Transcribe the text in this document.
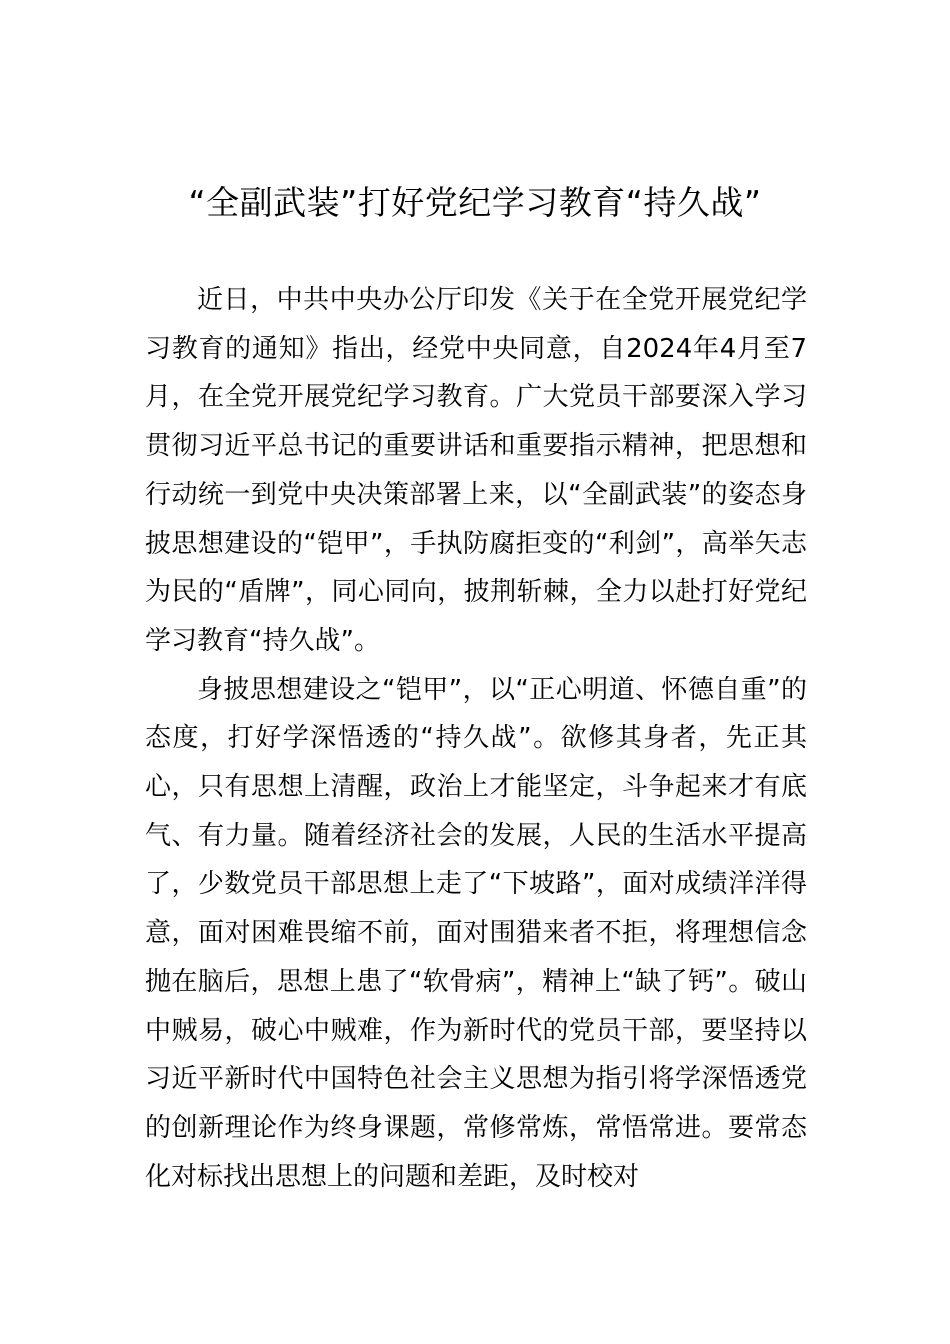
“全副武装”打好党纪学习教育“持久战”

近日，中共中央办公厅印发《关于在全党开展党纪学习教育的通知》指出，经党中央同意，自2024年4月至7月，在全党开展党纪学习教育。广大党员干部要深入学习贯彻习近平总书记的重要讲话和重要指示精神，把思想和行动统一到党中央决策部署上来，以“全副武装”的姿态身披思想建设的“铠甲”，手执防腐拒变的“利剑”，高举矢志为民的“盾牌”，同心同向，披荆斩棘，全力以赴打好党纪学习教育“持久战”。

身披思想建设之“铠甲”，以“正心明道、怀德自重”的态度，打好学深悟透的“持久战”。欲修其身者，先正其心，只有思想上清醒，政治上才能坚定，斗争起来才有底气、有力量。随着经济社会的发展，人民的生活水平提高了，少数党员干部思想上走了“下坡路”，面对成绩洋洋得意，面对困难畏缩不前，面对围猎来者不拒，将理想信念抛在脑后，思想上患了“软骨病”，精神上“缺了钙”。破山中贼易，破心中贼难，作为新时代的党员干部，要坚持以习近平新时代中国特色社会主义思想为指引将学深悟透党的创新理论作为终身课题，常修常炼，常悟常进。要常态化对标找出思想上的问题和差距，及时校对
